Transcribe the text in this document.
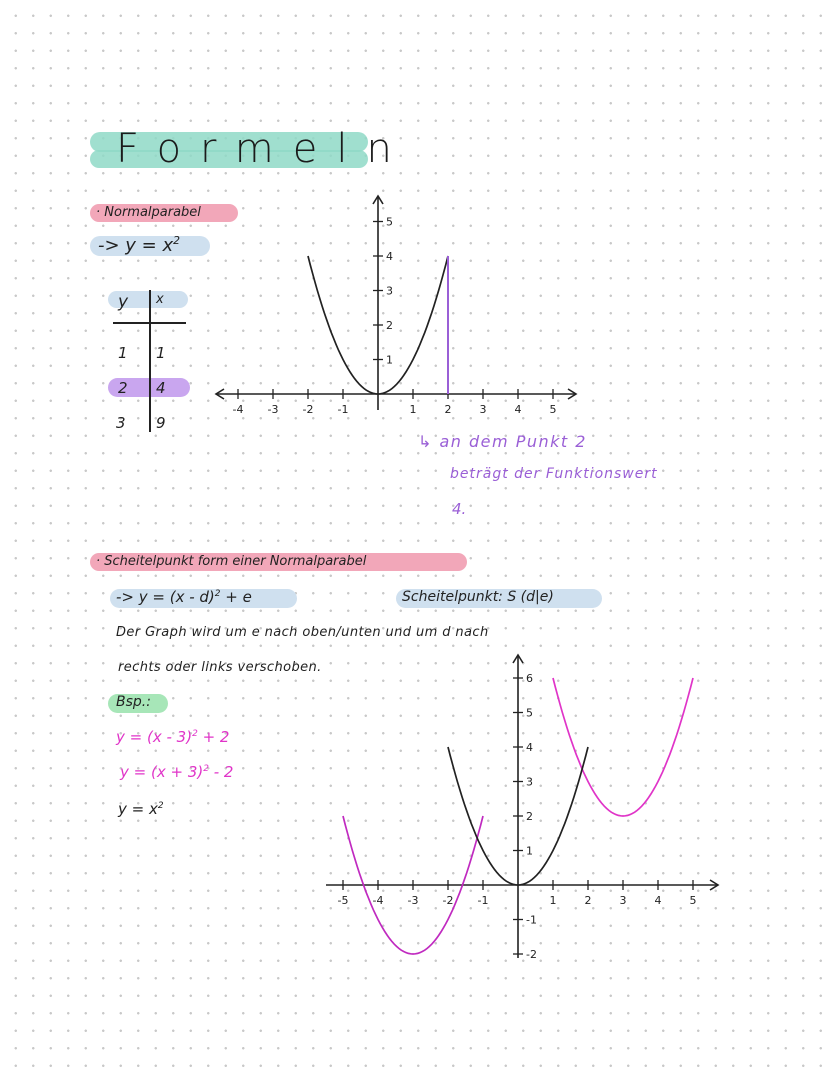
Formeln
· Normalparabel
-> $y = x^2$
y x
1 1
2 4
3 9
-4 -3 -2 -1	1	2	3	4	5
1
2
3
4
5
↳ an dem Punkt 2
beträgt der Funktionswert
4.
· Scheitelpunkt form einer Normalparabel
-> y = (x - d)$^2$ + e	Scheitelpunkt: S (d|e)
Der Graph wird um e nach oben/unten und um d nach
rechts oder links verschoben.
Bsp.:
y = (x - 3)$^2$ + 2
$y = (x + 3)^2 - 2$
$y = x^2$
-5 -4 -3 -2 -1	1	2	3	4	5
-2
-1
1
2
3
4
5
6
